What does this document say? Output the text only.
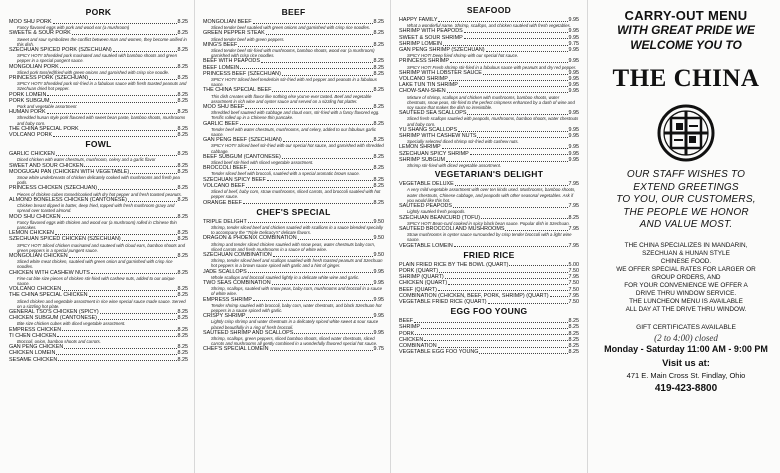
PORK
MOO SHU PORK	8.25
Fancy flavored eggs with pork and wood ear (a mushroom)
SWEETE & SOUR PORK	8.25
Sweet and sour symbolizes the conflict between man and women, they become unified in this dish.
SZECHUAN SPICED PORK (SZECHUAN)	8.25
SPICY HOT!! Shredded pork marinated and sautéed with bamboo shoots and green pepper in a special pungent sauce.
MONGOLIAN PORK	8.25
Sliced pork toss(ed)fried with green onions and garnished with crisp rice noodle.
PRINCESS PORK (SZECHUAN)	8.25
SPICY HOT!! Shredded pork stir-fried in a fabulous sauce with fresh toasted peanuts and Szechuan dried hot pepper.
PORK LOMEIN	8.25
PORK SUBGUM	8.25
Pork and vegetable assortment
HUMAN PORK	8.25
Shredded hunan style pork flavored with sweet bean paste, bamboo shoots, mushrooms and baby corn.
THE CHINA SPECIAL PORK	8.25
VOLCANO PORK	8.25
FOWL
GARLIC CHICKEN	8.25
Diced chicken with water chestnuts, mushroom, celery and a garlic flavor
SWEET AND SOUR CHICKEN	8.25
MOOGUGAI PAN (CHICKEN WITH VEGETABLE)	8.25
Snow white underbreasts of chicken delicately cooked with mushrooms and fresh pea pods.
PRINCESS CHICKEN (SZECHUAN)	8.25
Pieces of chicken cubes tossed/cooked with dry hot pepper and fresh toasted peanuts.
ALMOND BONELESS CHICKEN (CANTONESE)	8.25
Chicken breast dipped in batter, deep fried, topped with fresh mushroom gravy and spread over toasted almond.
MOO SHU CHICKEN	8.25
Fancy flavored eggs with chicken and wood ear (a mushroom) rolled in Chinese thin pancakes.
LEMON CHICKEN	8.25
SZECHUAN SPICED CHICKEN (SZECHUAN)	8.25
SPICY HOT! Sliced chicken marinated and sauteed with cloud ears, bamboo shoots and green peppers in a special pungent sauce.
MONGOLIAN CHICKEN	8.25
Sliced white meat chicken, sautéed with green onion and garnished with crisp rice noodles.
CHICKEN WITH CASHEW NUTS	8.25
Fine cut bite size pieces of chicken stir-fried with cashew nuts, added to our unique sauce.
VOLCANO CHICKEN	8.25
THE CHINA SPECIAL CHICKEN	8.25
Sliced chicken and vegetable assortment in rice wine special sauce made sauce. Served on a sizzling hot plate.
GENERAL TSO'S CHICKEN (SPICY)	8.25
CHICKEN SUBGUM (CANTONESE)	8.25
Bite size chicken cubes with diced vegetable assortment.
EMPRESS CHICKEN	8.25
TI CHEN CHICKEN	8.25
Broccoli, onion, bamboo shoots and carrots.
GAN PENG CHICKEN	8.25
CHICKEN LOMEIN	8.25
SESAME CHICKEN	8.25
BEEF
MONGOLIAN BEEF	8.25
Sliced tender beef sautéed with green onions and garnished with crisp rice noodles.
GREEN PEPPER STEAK	8.25
Sliced tender beef with green peppers.
MING'S BEEF	8.25
Sliced tender beef stir-fried with mushrooms, bamboo shoots, wood ear (a mushroom) garnished with crisp rice noodles.
BEEF WITH PEAPODS	8.25
BEEF LOMEIN	8.25
PRINCESS BEEF (SZECHUAN)	8.25
SPICY HOT!! Sliced beef tenderloin stir-fried with red pepper and peanuts in a fabulous sauce.
THE CHINA SPECIAL BEEF	8.25
This dish creates with flavor like nothing else you've ever tasted. Beef and vegetable assortment in rich wine and oyster sauce and served on a sizzling hot platter.
MOO SHU BEEF	8.25
Shredded beef sauteed with cabbage and cloud ears, stir-fried with a fancy flavored egg. Terrific rolled up in a Chinese thin pancake.
GARLIC BEEF	8.25
Tender beef with water chestnuts, mushrooms, and celery, added to our fabulous garlic sauce.
GAN PENG BEEF (SZECHUAN)	8.25
SPICY HOT!! Sliced beef stir-fried with our special hot sauce, and garnished with shredded cabbage.
BEEF SUBGUM (CANTONESE)	8.25
Sliced beef stir-fried with sliced vegetable assortment.
BROCCOLI BEEF	8.25
Tender sliced beef with broccoli, sautéed with a special aromatic brown sauce.
SZECHUAN SPICY BEEF	8.25
VOLCANO BEEF	8.25
Sliced of beef, baby corn, straw mushrooms, sliced carrots, and broccoli sautéed with hot pepper sauce.
ORANGE BEEF	8.25
CHEF'S SPECIAL
TRIPLE DELIGHT	9.50
Shrimp, tender sliced beef and chicken sautéed with scallions in a sauce blended specially to accompany the "Triple Delicacy's" delicate flavors.
DRAGON & PHOENIX COMBINATION	9.50
Shrimp and tender sliced chicken sautéed with snow peas, water chestnuts baby corn, sliced carrots and fresh mushrooms in a sauce of white wine.
SZECHUAN COMBINATION	9.50
Shrimp, tender sliced beef and scallops sautéed with fresh toasted peanuts and Szechuan hot peppers in a brown sauce spiced with garlic and a hint of ginger.
JADE SCALLOPS	9.95
Whole scallops and broccoli sautéed lightly in a delicate white wine and garlic.
TWO SEAS COMBINATION	9.95
Shrimp, scallops, sautéed with snow peas, baby corn, mushrooms and broccoli in a sauce of white wine.
EMPRESS SHRIMP	9.95
Tender shrimp sautéed with broccoli, baby corn, water chestnuts, and black Szechuan hot peppers in a sauce spiced with garlic.
CRISPY SHRIMP	9.95
Lightly crisp shrimp and water chestnuts in a delicately spiced white sweet & sour sauce placed beautifully in a ring of fresh broccoli.
SAUTEED SHRIMP AND SCALLOPS	9.95
Shrimp, scallops, green peppers, sliced bamboo shoots, sliced water chestnuts, sliced carrots and mushrooms all gently combined in a wonderfully flavored special hot sauce.
CHEF'S SPECIAL LOMEIN	9.75
SEAFOOD
HAPPY FAMILY	9.95
What a wonderful name. Shrimp, scallops, and chicken sautéed with fresh vegetables.
SHRIMP WITH PEAPODS	9.95
SWEET & SOUR SHRIMP	9.95
SHRIMP LOMEIN	9.75
GAN PENG SHRIMP (SZECHUAN)	9.95
SPICY HOT! Deep fried shrimp with our special hot sauce.
PRINCESS SHRIMP	9.95
SPICY HOT! Fresh shrimp stir-fried in a fabulous sauce with peanuts and dry red pepper.
SHRIMP WITH LOBSTER SAUCE	9.95
VOLCANO SHRIMP	9.95
LAKE TUN TIN SHRIMP	9.95
CHOW-SAN-SHEN	9.95
Mixture of shrimp, scallops and chicken with mushrooms, bamboo shoots, water chestnuts, snow peas, stir-fried to the perfect crispness enhanced by a dash of wine and soy sauce that makes the dish so irresistible.
SAUTEED SEA SCALLOPS	9.95
Sliced fresh scallops sautéed with peapods, mushrooms, bamboo shoots, water chestnuts and baby corn.
YU SHANG SCALLOPS	9.95
SHRIMP WITH CASHEW NUTS	9.95
Specially selected diced shrimp stir-fried with cashew nuts.
LEMON SHRIMP	9.95
SZECHUAN SPICY SHRIMP	9.95
SHRIMP SUBGUM	9.95
Shrimp stir-fried with diced vegetable assortment.
VEGETARIAN'S DELIGHT
VEGETABLE DELUXE	7.95
A very mild vegetable assortment with over ten kinds used. Mushrooms, bamboo shoots, water chestnuts, Chinese cabbage, and peapods with other seasonal vegetables. Ask if you would like this hot.
SAUTEED PEAPODS	7.95
Lightly sautéed fresh peapods.
SZECHUAN BEANCURD (TOFU)	8.25
SPICY HOT! Bean-curd cooked in spicy black bean sauce. Popular dish in Szechuan.
SAUTEED BROCCOLI AND MUSHROOMS	7.95
Straw mushrooms in oyster sauce surrounded by crisp tender broccoli with a light wine sauce.
VEGETABLE LOMEIN	7.95
FRIED RICE
PLAIN FRIED RICE BY THE BOWL (QUART)	5.00
PORK (QUART)	7.50
SHRIMP (QUART)	7.95
CHICKEN (QUART)	7.50
BEEF (QUART)	7.50
COMBINATION (CHICKEN, BEEF, PORK, SHRIMP) (QUART)	7.95
VEGETABLE FRIED RICE (QUART)	7.50
EGG FOO YOUNG
BEEF	8.25
SHRIMP	8.25
PORK	8.25
CHICKEN	8.25
COMBINATION	8.25
VEGETABLE EGG FOO YOUNG	8.25
CARRY-OUT MENU
WITH GREAT PRIDE WE
WELCOME YOU TO
THE CHINA
OUR STAFF WISHES TO
EXTEND GREETINGS
TO YOU, OUR CUSTOMERS,
THE PEOPLE WE HONOR
AND VALUE MOST.
THE CHINA SPECIALIZES IN MANDARIN,
SZECHUAN & HUNAN STYLE
CHINESE FOOD.
WE OFFER SPECIAL RATES FOR LARGER OR
GROUP ORDERS, AND
FOR YOUR CONVENIENCE WE OFFER A
DRIVE THRU WINDOW SERVICE.
THE LUNCHEON MENU IS AVAILABLE
ALL DAY AT THE DRIVE THRU WINDOW.
GIFT CERTIFICATES AVAILABLE
(2 to 4:00) closed
Monday - Saturday 11:00 AM - 9:00 PM
Visit us at:
471 E. Main Cross St. Findlay, Ohio
419-423-8800
